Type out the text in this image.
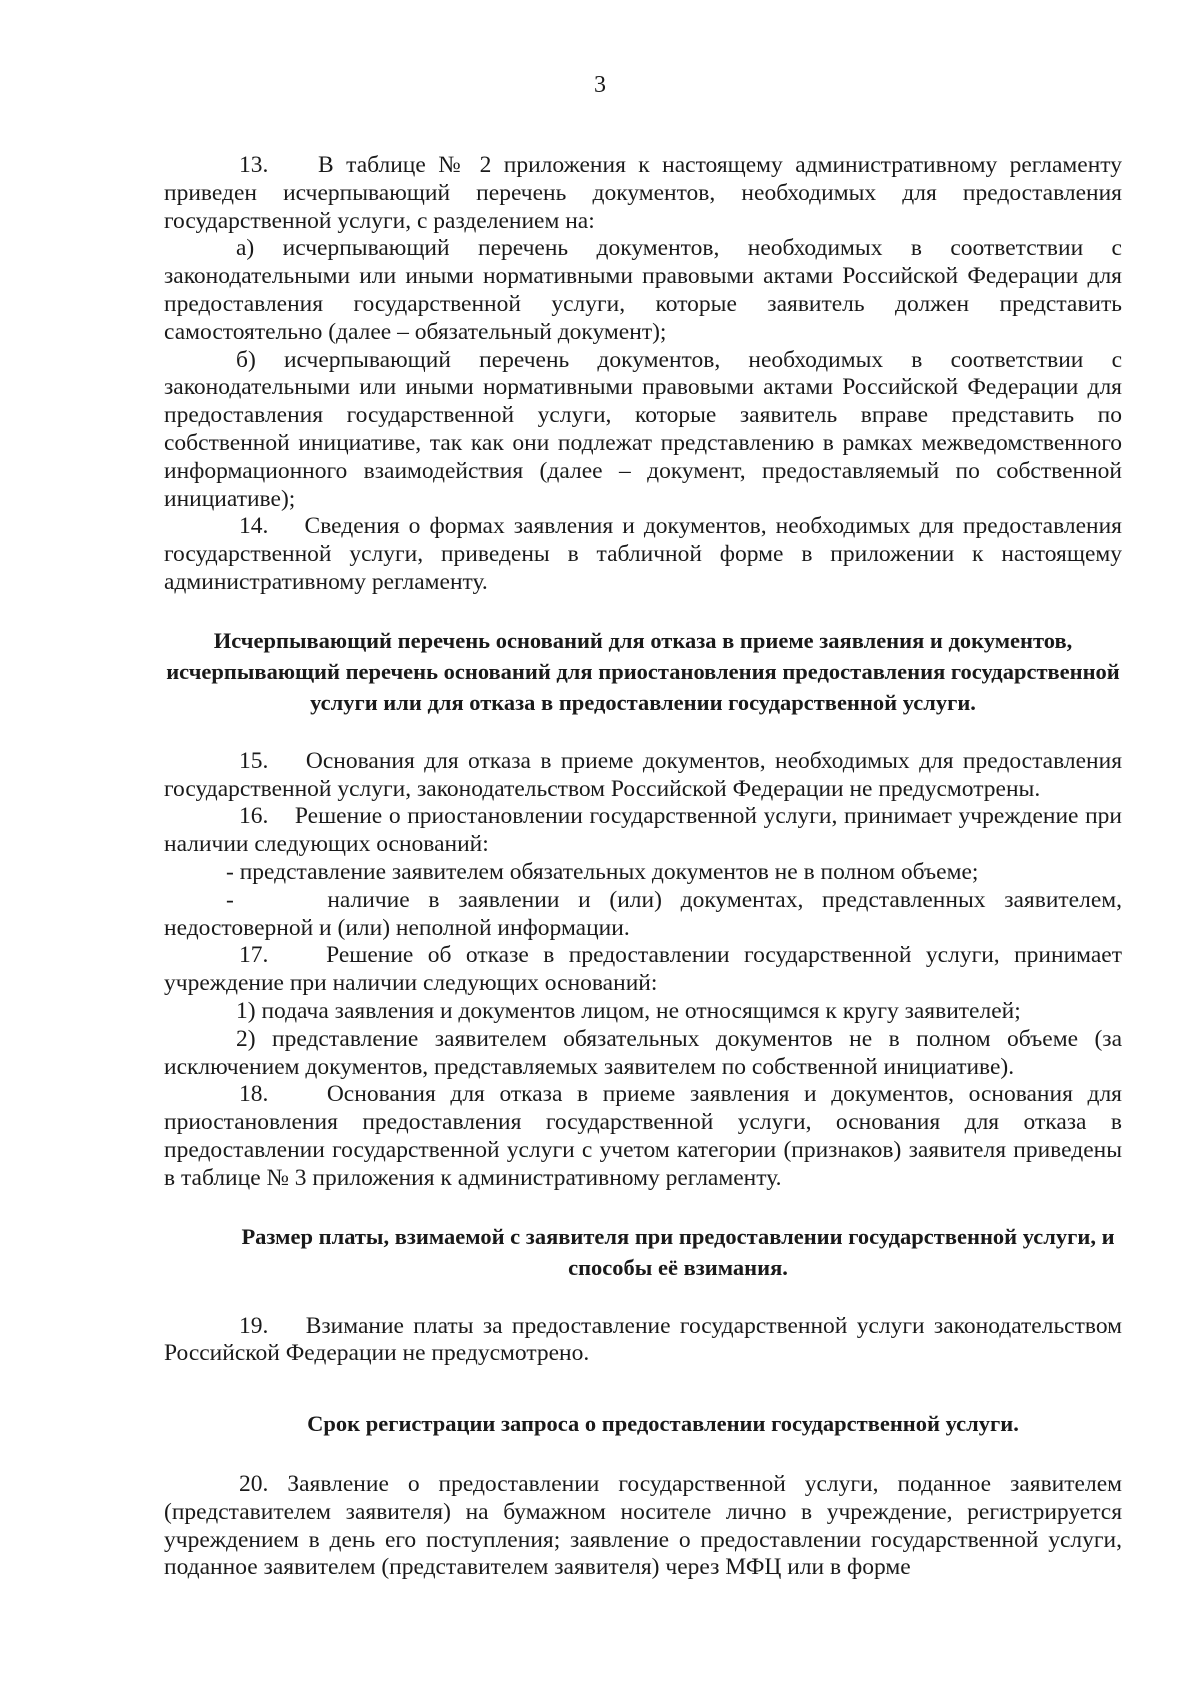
3

13.    В таблице № 2 приложения к настоящему административному регламенту приведен исчерпывающий перечень документов, необходимых для предоставления государственной услуги, с разделением на:

а) исчерпывающий перечень документов, необходимых в соответствии с законодательными или иными нормативными правовыми актами Российской Федерации для предоставления государственной услуги, которые заявитель должен представить самостоятельно (далее – обязательный документ);

б) исчерпывающий перечень документов, необходимых в соответствии с законодательными или иными нормативными правовыми актами Российской Федерации для предоставления государственной услуги, которые заявитель вправе представить по собственной инициативе, так как они подлежат представлению в рамках межведомственного информационного взаимодействия (далее – документ, предоставляемый по собственной инициативе);

14.    Сведения о формах заявления и документов, необходимых для предоставления государственной услуги, приведены в табличной форме в приложении к настоящему административному регламенту.

Исчерпывающий перечень оснований для отказа в приеме заявления и документов, исчерпывающий перечень оснований для приостановления предоставления государственной услуги или для отказа в предоставлении государственной услуги.

15.    Основания для отказа в приеме документов, необходимых для предоставления государственной услуги, законодательством Российской Федерации не предусмотрены.

16.    Решение о приостановлении государственной услуги, принимает учреждение при наличии следующих оснований:

- представление заявителем обязательных документов не в полном объеме;

-     наличие в заявлении и (или) документах, представленных заявителем, недостоверной и (или) неполной информации.

17.    Решение об отказе в предоставлении государственной услуги, принимает учреждение при наличии следующих оснований:

1) подача заявления и документов лицом, не относящимся к кругу заявителей;

2) представление заявителем обязательных документов не в полном объеме (за исключением документов, представляемых заявителем по собственной инициативе).

18.    Основания для отказа в приеме заявления и документов, основания для приостановления предоставления государственной услуги, основания для отказа в предоставлении государственной услуги с учетом категории (признаков) заявителя приведены в таблице № 3 приложения к административному регламенту.

Размер платы, взимаемой с заявителя при предоставлении государственной услуги, и способы её взимания.

19.    Взимание платы за предоставление государственной услуги законодательством Российской Федерации не предусмотрено.

Срок регистрации запроса о предоставлении государственной услуги.

20. Заявление о предоставлении государственной услуги, поданное заявителем (представителем заявителя) на бумажном носителе лично в учреждение, регистрируется учреждением в день его поступления; заявление о предоставлении государственной услуги, поданное заявителем (представителем заявителя) через МФЦ или в форме
